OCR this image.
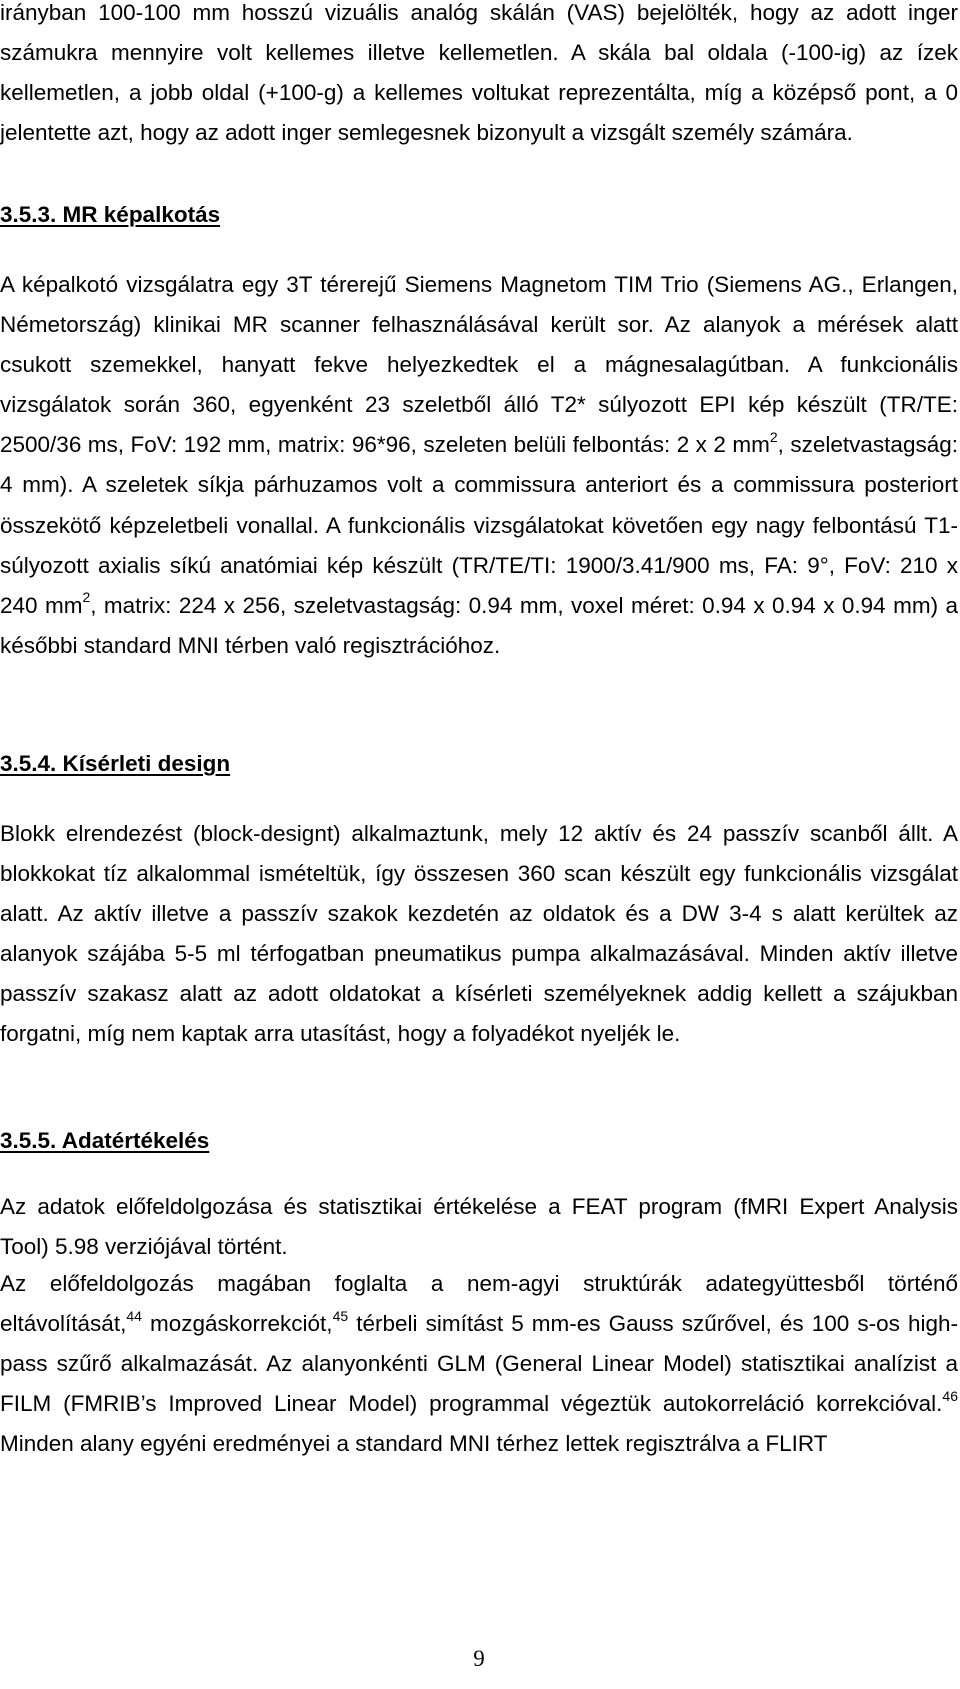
irányban 100-100 mm hosszú vizuális analóg skálán (VAS) bejelölték, hogy az adott inger számukra mennyire volt kellemes illetve kellemetlen. A skála bal oldala (-100-ig) az ízek kellemetlen, a jobb oldal (+100-g) a kellemes voltukat reprezentálta, míg a középső pont, a 0 jelentette azt, hogy az adott inger semlegesnek bizonyult a vizsgált személy számára.

3.5.3. MR képalkotás

A képalkotó vizsgálatra egy 3T térerejű Siemens Magnetom TIM Trio (Siemens AG., Erlangen, Németország) klinikai MR scanner felhasználásával került sor. Az alanyok a mérések alatt csukott szemekkel, hanyatt fekve helyezkedtek el a mágnesalagútban. A funkcionális vizsgálatok során 360, egyenként 23 szeletből álló T2* súlyozott EPI kép készült (TR/TE: 2500/36 ms, FoV: 192 mm, matrix: 96*96, szeleten belüli felbontás: 2 x 2 $mm^2$, szeletvastagság: 4 mm). A szeletek síkja párhuzamos volt a commissura anteriort és a commissura posteriort összekötő képzeletbeli vonallal. A funkcionális vizsgálatokat követően egy nagy felbontású T1-súlyozott axialis síkú anatómiai kép készült (TR/TE/TI: 1900/3.41/900 ms, FA: 9°, FoV: 210 x 240 $mm^2$, matrix: 224 x 256, szeletvastagság: 0.94 mm, voxel méret: 0.94 x 0.94 x 0.94 mm) a későbbi standard MNI térben való regisztrációhoz.

3.5.4. Kísérleti design

Blokk elrendezést (block-designt) alkalmaztunk, mely 12 aktív és 24 passzív scanből állt. A blokkokat tíz alkalommal ismételtük, így összesen 360 scan készült egy funkcionális vizsgálat alatt. Az aktív illetve a passzív szakok kezdetén az oldatok és a DW 3-4 s alatt kerültek az alanyok szájába 5-5 ml térfogatban pneumatikus pumpa alkalmazásával. Minden aktív illetve passzív szakasz alatt az adott oldatokat a kísérleti személyeknek addig kellett a szájukban forgatni, míg nem kaptak arra utasítást, hogy a folyadékot nyeljék le.

3.5.5. Adatértékelés

Az adatok előfeldolgozása és statisztikai értékelése a FEAT program (fMRI Expert Analysis Tool) 5.98 verziójával történt.

Az előfeldolgozás magában foglalta a nem-agyi struktúrák adategyüttesből történő eltávolítását,$^{44}$ mozgáskorrekciót,$^{45}$ térbeli simítást 5 mm-es Gauss szűrővel, és 100 s-os high-pass szűrő alkalmazását. Az alanyonkénti GLM (General Linear Model) statisztikai analízist a FILM (FMRIB’s Improved Linear Model) programmal végeztük autokorreláció korrekcióval.$^{46}$ Minden alany egyéni eredményei a standard MNI térhez lettek regisztrálva a FLIRT

9
